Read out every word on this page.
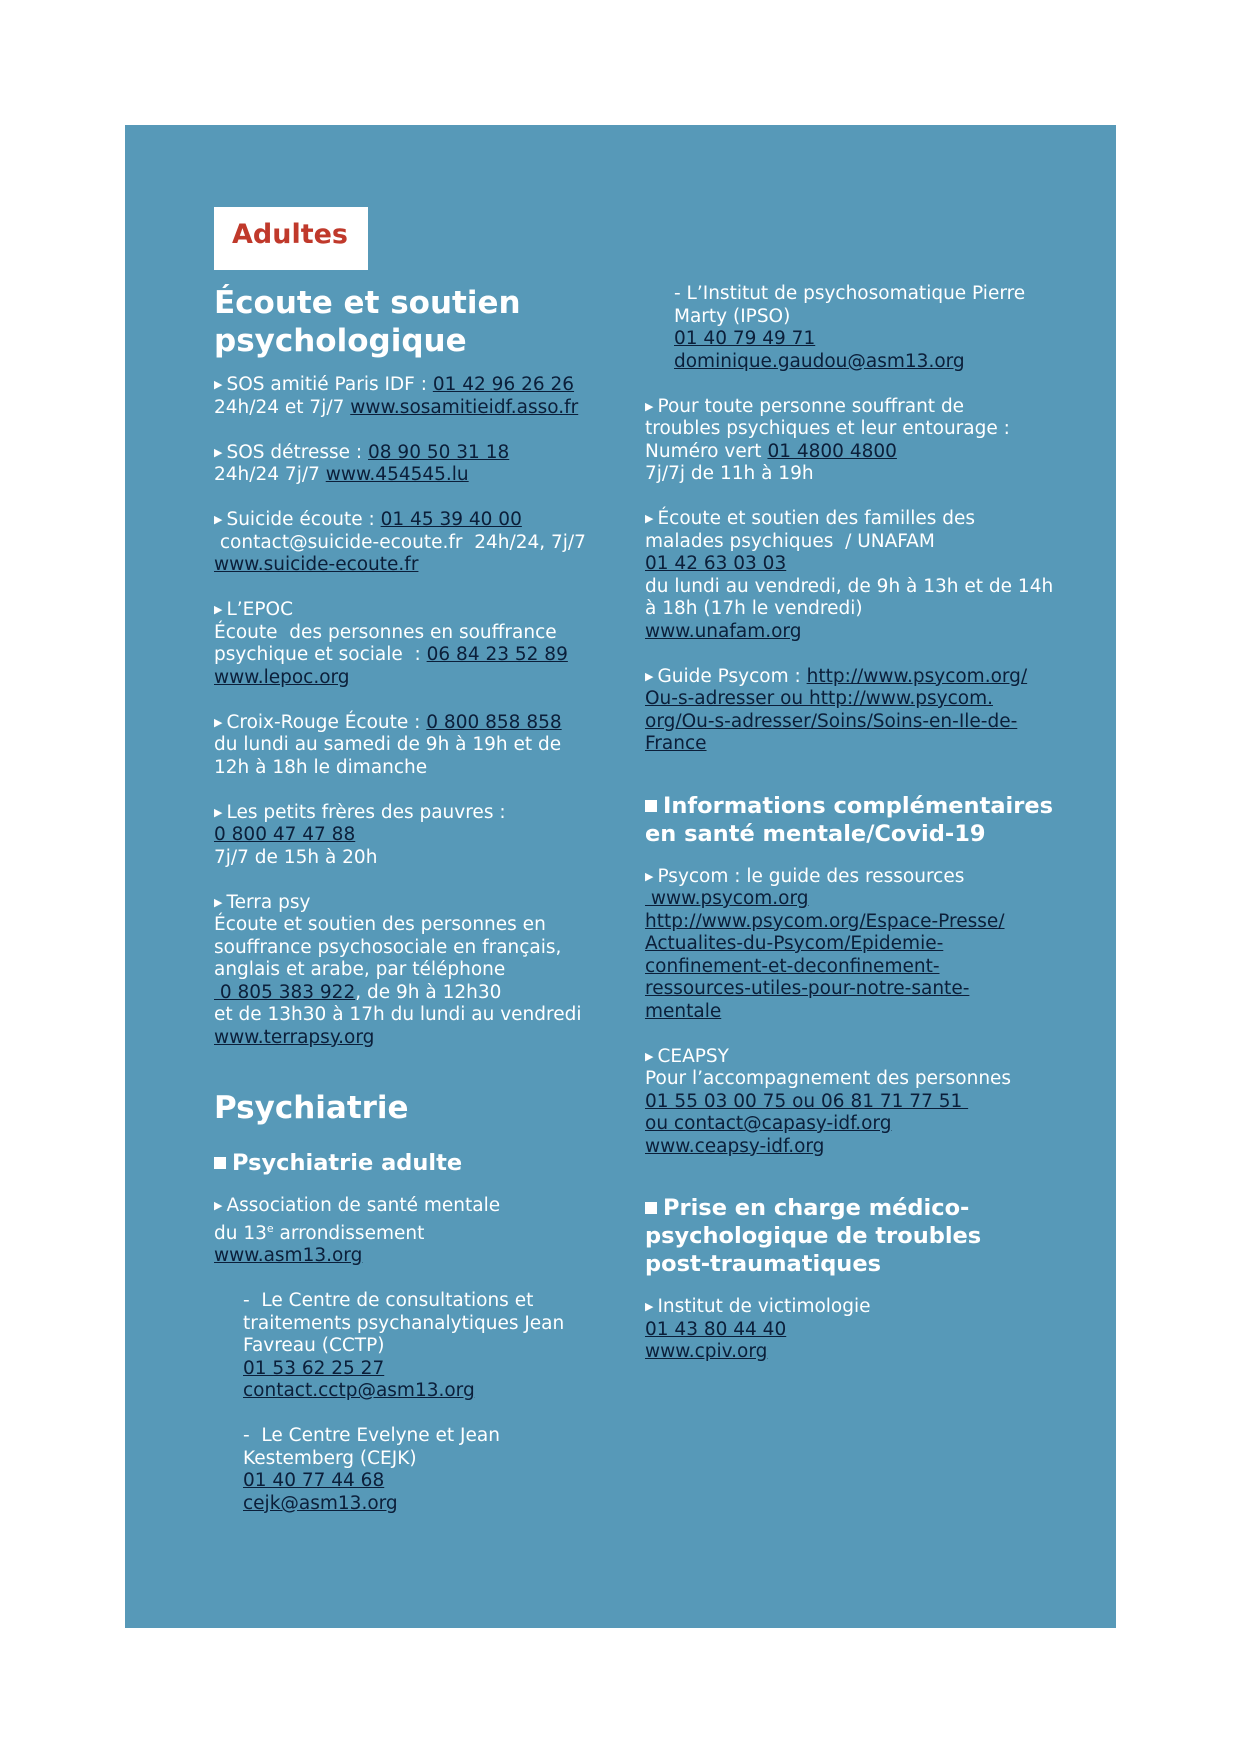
Adultes
Écoute et soutien
psychologique
▶ SOS amitié Paris IDF : 01 42 96 26 26
24h/24 et 7j/7 www.sosamitieidf.asso.fr
▶ SOS détresse : 08 90 50 31 18
24h/24 7j/7 www.454545.lu
▶ Suicide écoute : 01 45 39 40 00
contact@suicide-ecoute.fr  24h/24, 7j/7
www.suicide-ecoute.fr
▶ L’EPOC
Écoute  des personnes en souffrance
psychique et sociale  : 06 84 23 52 89
www.lepoc.org
▶ Croix-Rouge Écoute : 0 800 858 858
du lundi au samedi de 9h à 19h et de
12h à 18h le dimanche
▶ Les petits frères des pauvres :
0 800 47 47 88
7j/7 de 15h à 20h
▶ Terra psy
Écoute et soutien des personnes en
souffrance psychosociale en français,
anglais et arabe, par téléphone
0 805 383 922, de 9h à 12h30
et de 13h30 à 17h du lundi au vendredi
www.terrapsy.org
Psychiatrie
Psychiatrie adulte
▶ Association de santé mentale
du 13e arrondissement
www.asm13.org
-  Le Centre de consultations et
traitements psychanalytiques Jean
Favreau (CCTP)
01 53 62 25 27
contact.cctp@asm13.org
-  Le Centre Evelyne et Jean
Kestemberg (CEJK)
01 40 77 44 68
cejk@asm13.org
- L’Institut de psychosomatique Pierre
Marty (IPSO)
01 40 79 49 71
dominique.gaudou@asm13.org
▶ Pour toute personne souffrant de
troubles psychiques et leur entourage :
Numéro vert 01 4800 4800
7j/7j de 11h à 19h
▶ Écoute et soutien des familles des
malades psychiques  / UNAFAM
01 42 63 03 03
du lundi au vendredi, de 9h à 13h et de 14h
à 18h (17h le vendredi)
www.unafam.org
▶ Guide Psycom : http://www.psycom.org/
Ou-s-adresser ou http://www.psycom.
org/Ou-s-adresser/Soins/Soins-en-Ile-de-
France
Informations complémentaires
en santé mentale/Covid-19
▶ Psycom : le guide des ressources
www.psycom.org
http://www.psycom.org/Espace-Presse/
Actualites-du-Psycom/Epidemie-
confinement-et-deconfinement-
ressources-utiles-pour-notre-sante-
mentale
▶ CEAPSY
Pour l’accompagnement des personnes
01 55 03 00 75 ou 06 81 71 77 51
ou contact@capasy-idf.org
www.ceapsy-idf.org
Prise en charge médico-
psychologique de troubles
post-traumatiques
▶ Institut de victimologie
01 43 80 44 40
www.cpiv.org
